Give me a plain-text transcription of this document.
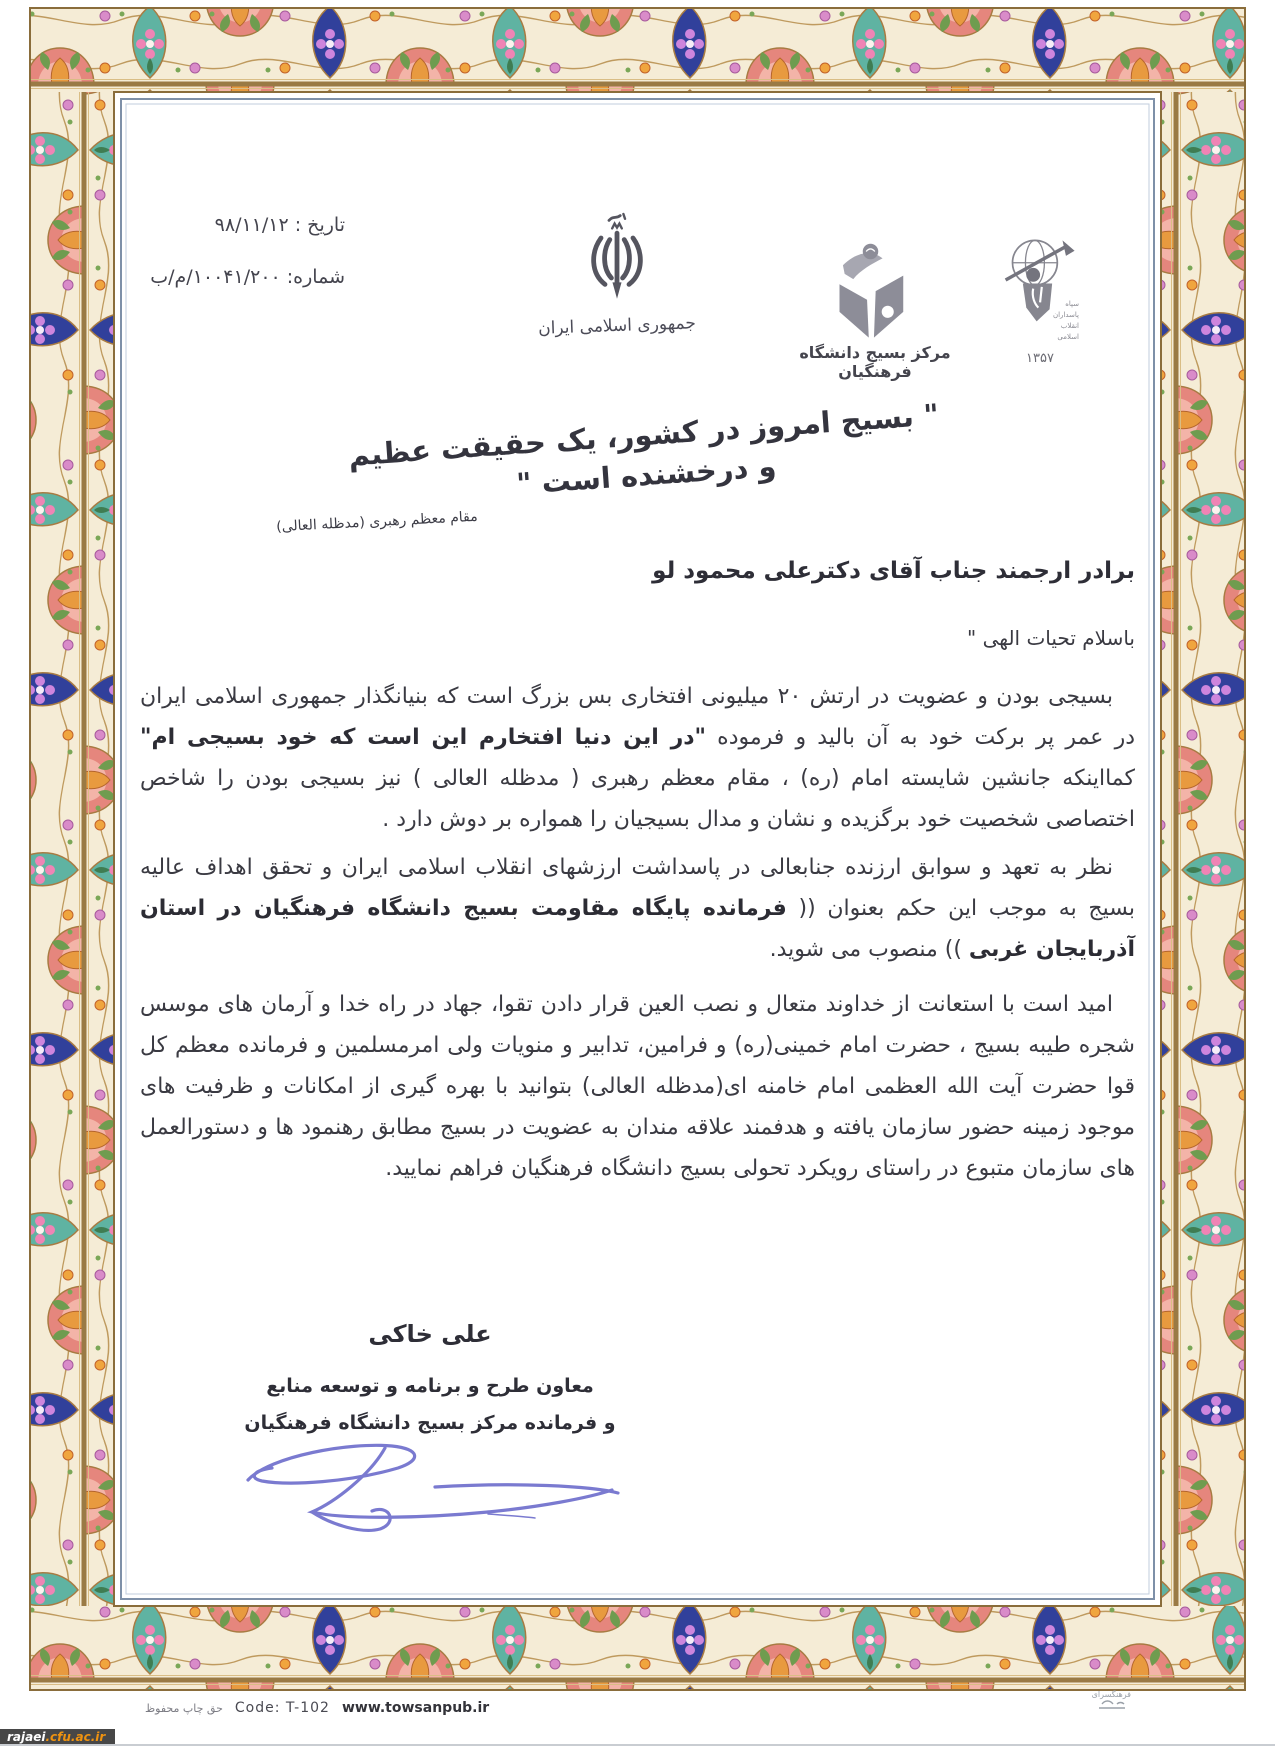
تاریخ : ۹۸/۱۱/۱۲
شماره: ۱۰۰۴۱/۲۰۰/م/ب
جمهوری اسلامی ایران
مرکز بسیج دانشگاه فرهنگیان
سپاه
پاسداران
انقلاب
اسلامی
۱۳۵۷
" بسیج امروز در کشور، یک حقیقت عظیم و درخشنده است "
مقام معظم رهبری (مدظله العالی)
برادر ارجمند جناب آقای دکترعلی محمود لو
باسلام تحیات الهی "
بسیجی بودن و عضویت در ارتش ۲۰ میلیونی افتخاری بس بزرگ است که بنیانگذار جمهوری اسلامی ایران در عمر پر برکت خود به آن بالید و فرموده "در این دنیا افتخارم این است که خود بسیجی ام" کمااینکه جانشین شایسته امام (ره) ، مقام معظم رهبری ( مدظله العالی ) نیز بسیجی بودن را شاخص اختصاصی شخصیت خود برگزیده و نشان و مدال بسیجیان را همواره بر دوش دارد .
نظر به تعهد و سوابق ارزنده جنابعالی در پاسداشت ارزشهای انقلاب اسلامی ایران و تحقق اهداف عالیه بسیج به موجب این حکم بعنوان (( فرمانده پایگاه مقاومت بسیج دانشگاه فرهنگیان در استان آذربایجان غربی )) منصوب می شوید.
امید است با استعانت از خداوند متعال و نصب العین قرار دادن تقوا، جهاد در راه خدا و آرمان های موسس شجره طیبه بسیج ، حضرت امام خمینی(ره) و فرامین، تدابیر و منویات ولی امرمسلمین و فرمانده معظم کل قوا حضرت آیت الله العظمی امام خامنه ای(مدظله العالی) بتوانید با بهره گیری از امکانات و ظرفیت های موجود زمینه حضور سازمان یافته و هدفمند علاقه مندان به عضویت در بسیج مطابق رهنمود ها و دستورالعمل های سازمان متبوع در راستای رویکرد تحولی بسیج دانشگاه فرهنگیان فراهم نمایید.
علی خاکی
معاون طرح و برنامه و توسعه منابع
و فرمانده مرکز بسیج دانشگاه فرهنگیان
حق چاپ محفوظ Code: T-102 www.towsanpub.ir
فرهنگسرای
rajaei.cfu.ac.ir
